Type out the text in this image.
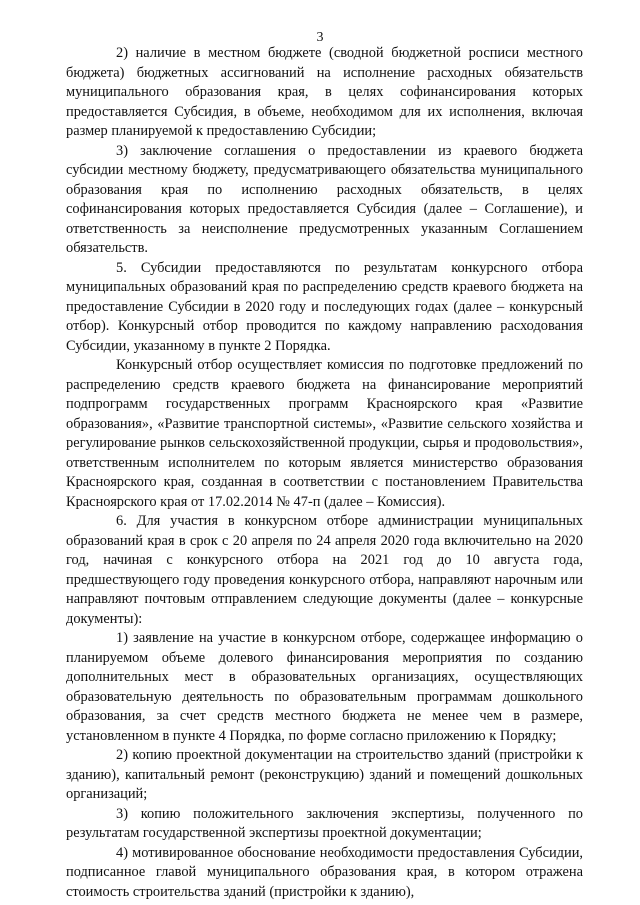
3

2) наличие в местном бюджете (сводной бюджетной росписи местного бюджета) бюджетных ассигнований на исполнение расходных обязательств муниципального образования края, в целях софинансирования которых предоставляется Субсидия, в объеме, необходимом для их исполнения, включая размер планируемой к предоставлению Субсидии;

3) заключение соглашения о предоставлении из краевого бюджета субсидии местному бюджету, предусматривающего обязательства муниципального образования края по исполнению расходных обязательств, в целях софинансирования которых предоставляется Субсидия (далее – Соглашение), и ответственность за неисполнение предусмотренных указанным Соглашением обязательств.

5. Субсидии предоставляются по результатам конкурсного отбора муниципальных образований края по распределению средств краевого бюджета на предоставление Субсидии в 2020 году и последующих годах (далее – конкурсный отбор). Конкурсный отбор проводится по каждому направлению расходования Субсидии, указанному в пункте 2 Порядка.

Конкурсный отбор осуществляет комиссия по подготовке предложений по распределению средств краевого бюджета на финансирование мероприятий подпрограмм государственных программ Красноярского края «Развитие образования», «Развитие транспортной системы», «Развитие сельского хозяйства и регулирование рынков сельскохозяйственной продукции, сырья и продовольствия», ответственным исполнителем по которым является министерство образования Красноярского края, созданная в соответствии с постановлением Правительства Красноярского края от 17.02.2014 № 47-п (далее – Комиссия).

6. Для участия в конкурсном отборе администрации муниципальных образований края в срок с 20 апреля по 24 апреля 2020 года включительно на 2020 год, начиная с конкурсного отбора на 2021 год до 10 августа года, предшествующего году проведения конкурсного отбора, направляют нарочным или направляют почтовым отправлением следующие документы (далее – конкурсные документы):

1) заявление на участие в конкурсном отборе, содержащее информацию о планируемом объеме долевого финансирования мероприятия по созданию дополнительных мест в образовательных организациях, осуществляющих образовательную деятельность по образовательным программам дошкольного образования, за счет средств местного бюджета не менее чем в размере, установленном в пункте 4 Порядка, по форме согласно приложению к Порядку;

2) копию проектной документации на строительство зданий (пристройки к зданию), капитальный ремонт (реконструкцию) зданий и помещений дошкольных организаций;

3) копию положительного заключения экспертизы, полученного по результатам государственной экспертизы проектной документации;

4) мотивированное обоснование необходимости предоставления Субсидии, подписанное главой муниципального образования края, в котором отражена стоимость строительства зданий (пристройки к зданию),
